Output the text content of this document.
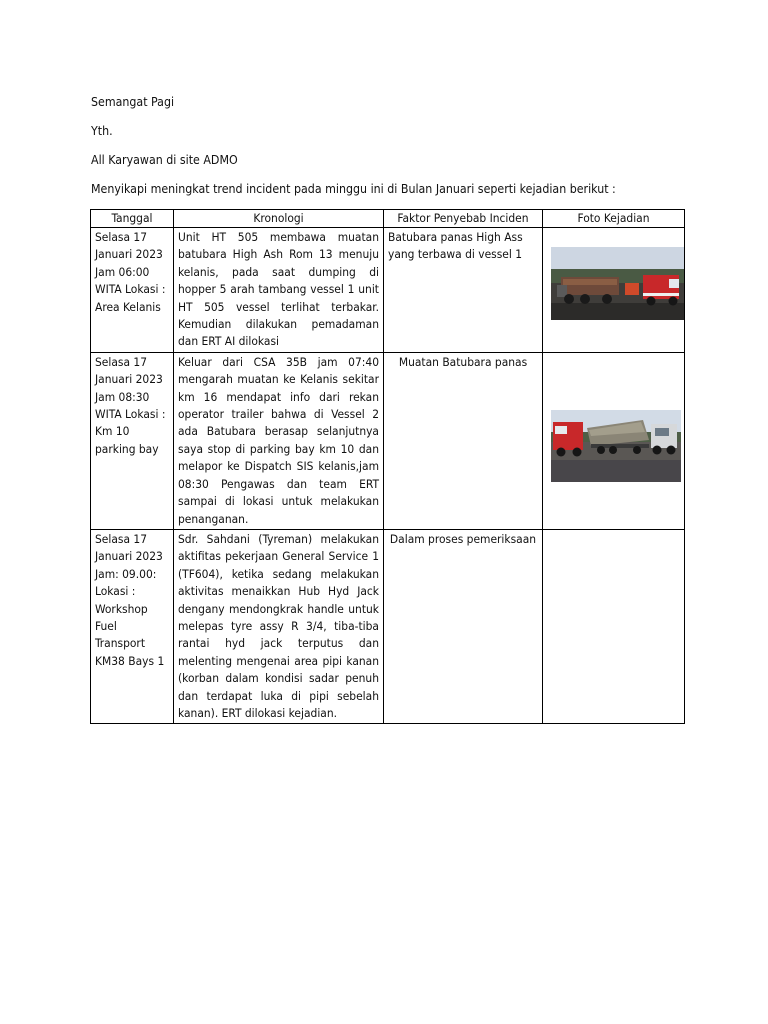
Semangat Pagi

Yth.

All Karyawan di site ADMO

Menyikapi meningkat trend incident pada minggu ini di Bulan Januari seperti kejadian berikut :

Tanggal	Kronologi	Faktor Penyebab Inciden	Foto Kejadian
Selasa 17 Januari 2023 Jam 06:00 WITA Lokasi : Area Kelanis	Unit HT 505 membawa muatan batubara High Ash Rom 13 menuju kelanis, pada saat dumping di hopper 5 arah tambang vessel 1 unit HT 505 vessel terlihat terbakar. Kemudian dilakukan pemadaman dan ERT AI dilokasi	Batubara panas High Ass yang terbawa di vessel 1	

Selasa 17 Januari 2023 Jam 08:30 WITA Lokasi : Km 10 parking bay	Keluar dari CSA 35B jam 07:40 mengarah muatan ke Kelanis sekitar km 16 mendapat info dari rekan operator trailer bahwa di Vessel 2 ada Batubara berasap selanjutnya saya stop di parking bay km 10 dan melapor ke Dispatch SIS kelanis,jam 08:30 Pengawas dan team ERT sampai di lokasi untuk melakukan penanganan.	Muatan Batubara panas	

Selasa 17 Januari 2023 Jam: 09.00: Lokasi : Workshop Fuel Transport KM38 Bays 1	Sdr. Sahdani (Tyreman) melakukan aktifitas pekerjaan General Service 1 (TF604), ketika sedang melakukan aktivitas menaikkan Hub Hyd Jack dengany mendongkrak handle untuk melepas tyre assy R 3/4, tiba-tiba rantai hyd jack terputus dan melenting mengenai area pipi kanan (korban dalam kondisi sadar penuh dan terdapat luka di pipi sebelah kanan). ERT dilokasi kejadian.	Dalam proses pemeriksaan	
